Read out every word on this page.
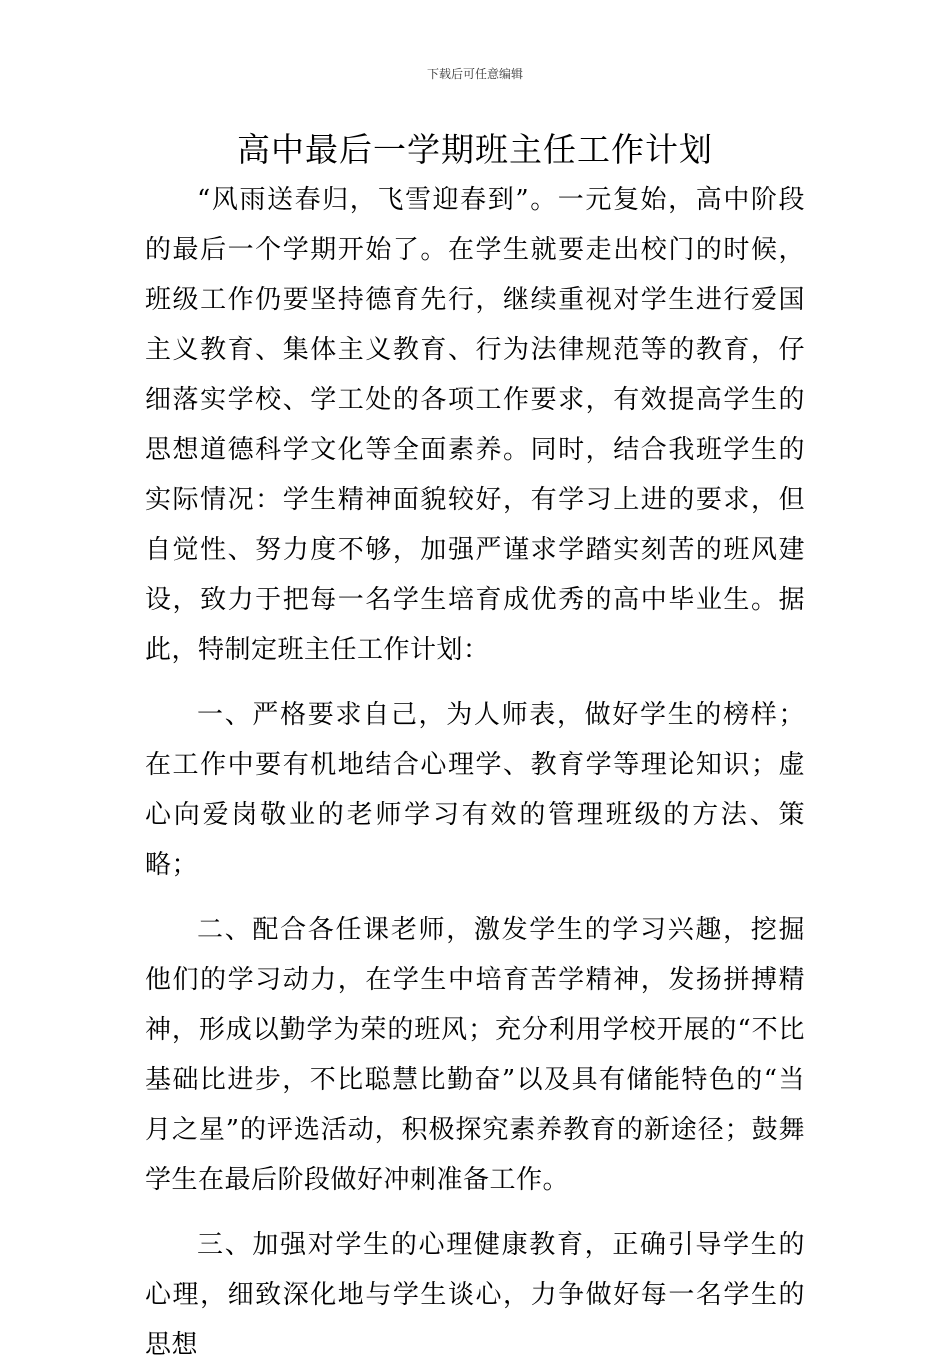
下载后可任意编辑
高中最后一学期班主任工作计划

“风雨送春归，飞雪迎春到”。一元复始，高中阶段的最后一个学期开始了。在学生就要走出校门的时候，班级工作仍要坚持德育先行，继续重视对学生进行爱国主义教育、集体主义教育、行为法律规范等的教育，仔细落实学校、学工处的各项工作要求，有效提高学生的思想道德科学文化等全面素养。同时，结合我班学生的实际情况：学生精神面貌较好，有学习上进的要求，但自觉性、努力度不够，加强严谨求学踏实刻苦的班风建设，致力于把每一名学生培育成优秀的高中毕业生。据此，特制定班主任工作计划：

一、严格要求自己，为人师表，做好学生的榜样；在工作中要有机地结合心理学、教育学等理论知识；虚心向爱岗敬业的老师学习有效的管理班级的方法、策略；

二、配合各任课老师，激发学生的学习兴趣，挖掘他们的学习动力，在学生中培育苦学精神，发扬拼搏精神，形成以勤学为荣的班风；充分利用学校开展的“不比基础比进步，不比聪慧比勤奋”以及具有储能特色的“当月之星”的评选活动，积极探究素养教育的新途径；鼓舞学生在最后阶段做好冲刺准备工作。

三、加强对学生的心理健康教育，正确引导学生的心理，细致深化地与学生谈心，力争做好每一名学生的思想
